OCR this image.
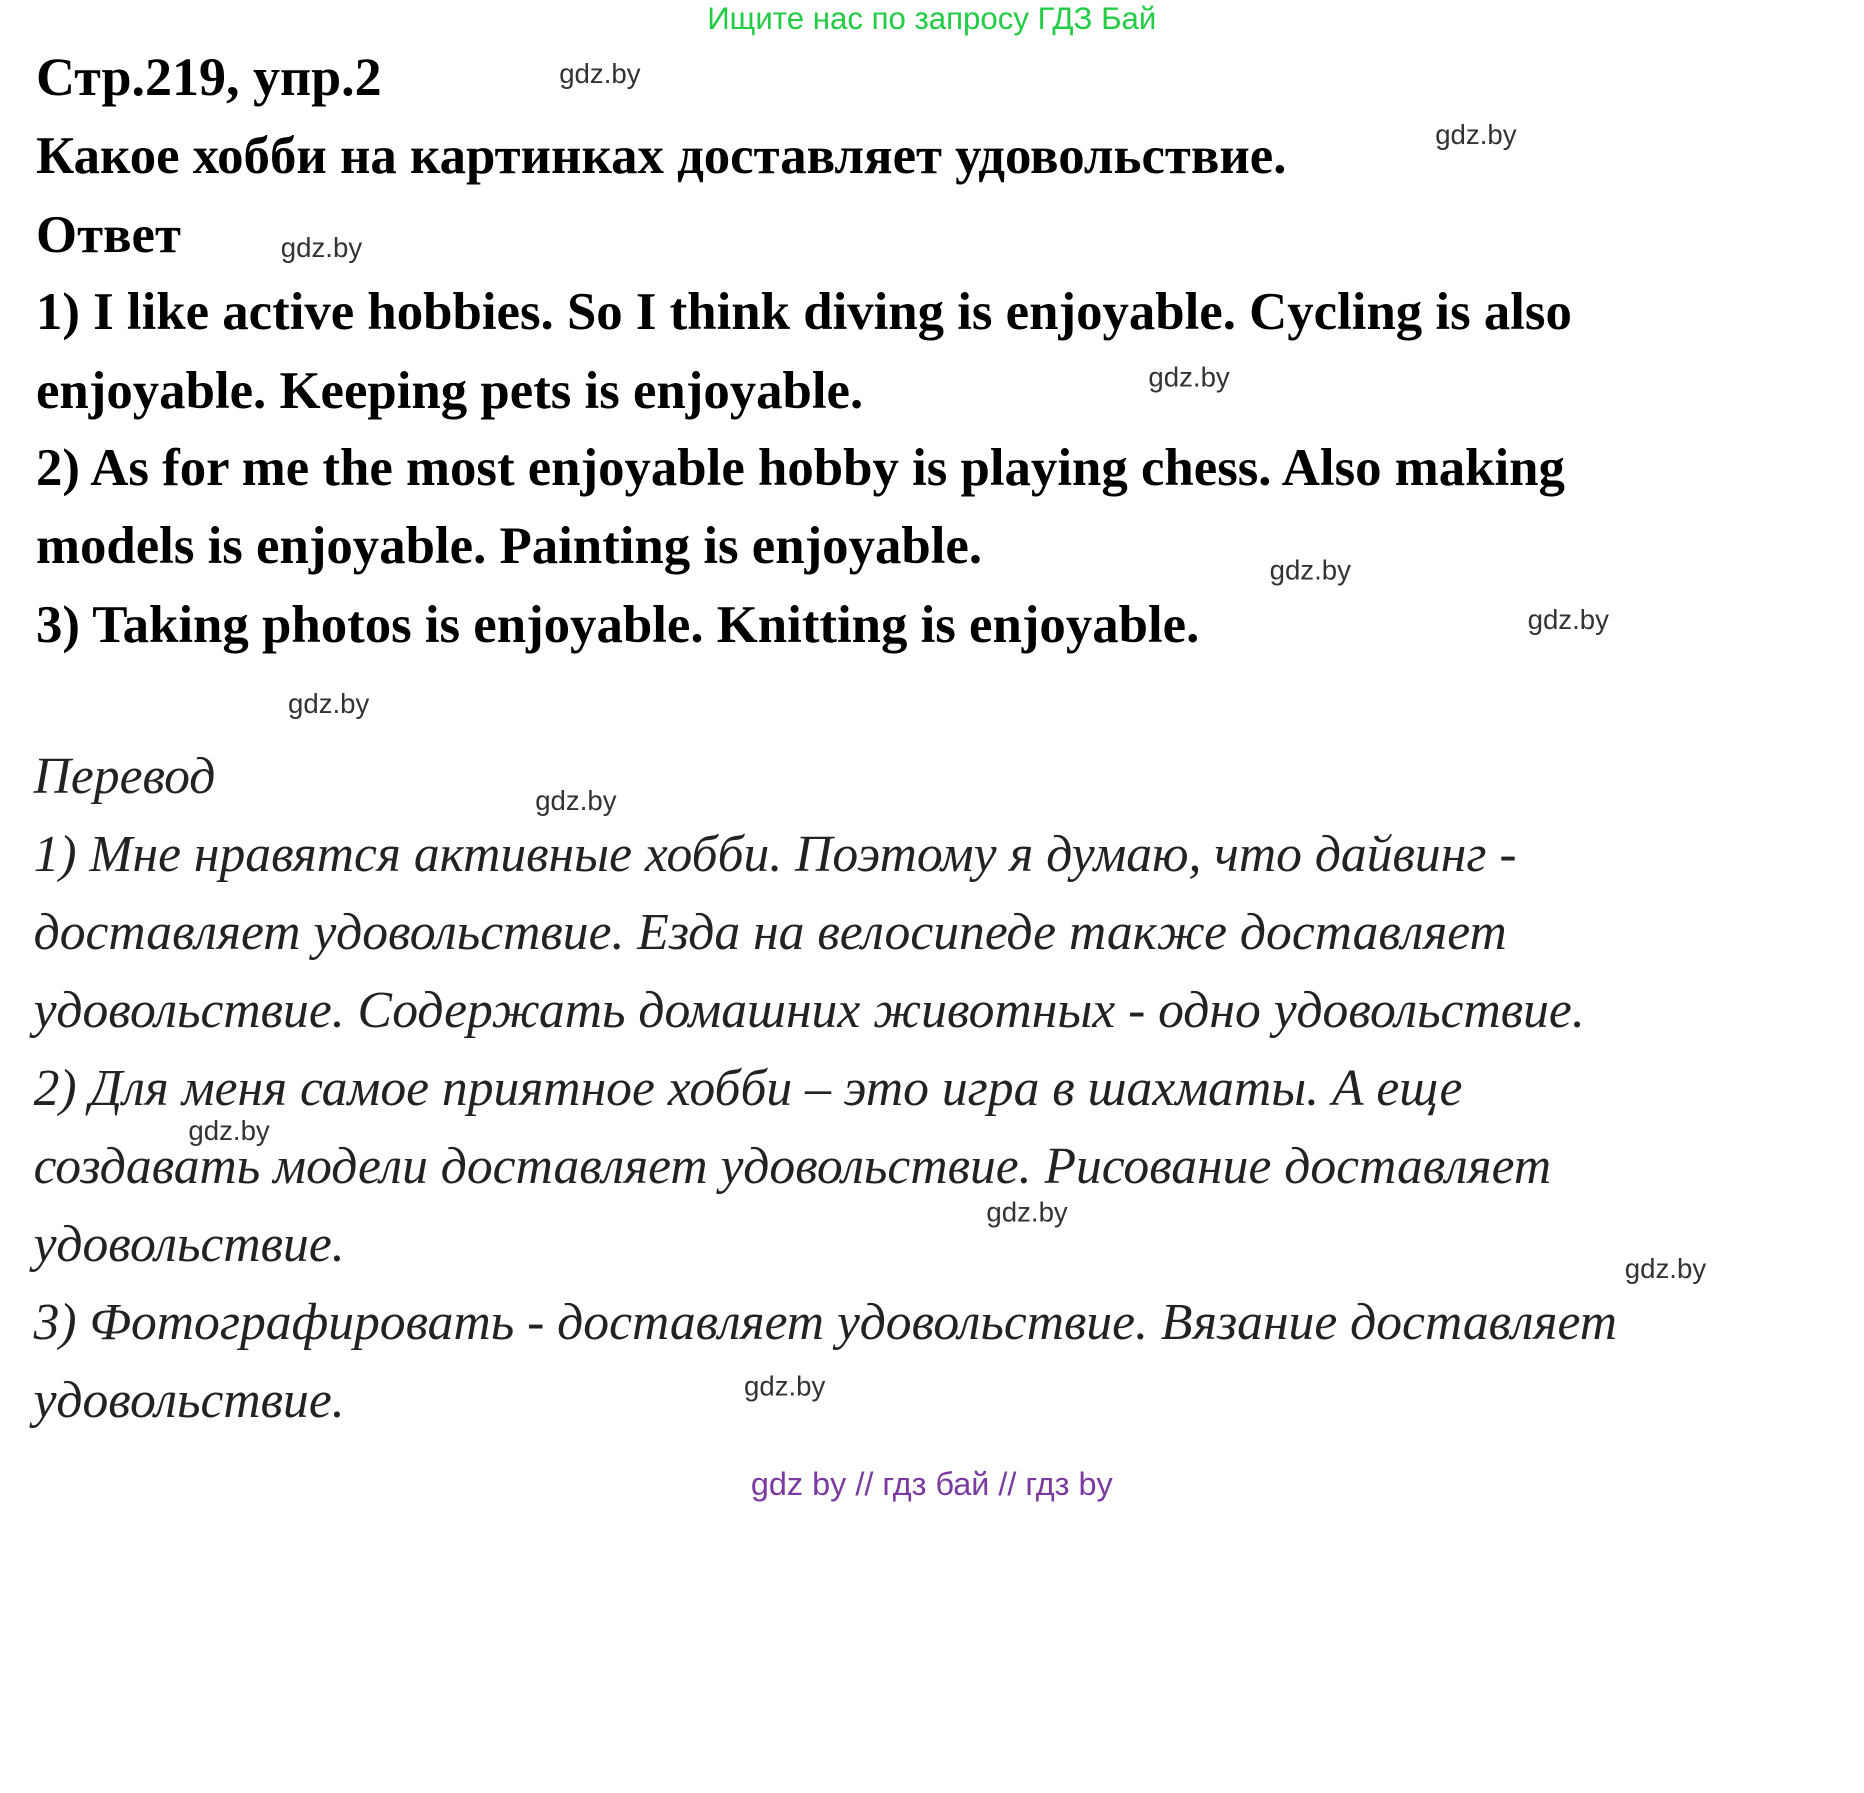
Ищите нас по запросу ГДЗ Бай
Стр.219, упр.2
Какое хобби на картинках доставляет удовольствие.
Ответ
1) I like active hobbies. So I think diving is enjoyable. Cycling is also
enjoyable. Keeping pets is enjoyable.
2) As for me the most enjoyable hobby is playing chess. Also making
models is enjoyable. Painting is enjoyable.
3) Taking photos is enjoyable. Knitting is enjoyable.
Перевод
1) Мне нравятся активные хобби. Поэтому я думаю, что дайвинг -
доставляет удовольствие. Езда на велосипеде также доставляет
удовольствие. Содержать домашних животных - одно удовольствие.
2) Для меня самое приятное хобби – это игра в шахматы. А еще
создавать модели доставляет удовольствие. Рисование доставляет
удовольствие.
3) Фотографировать - доставляет удовольствие. Вязание доставляет
удовольствие.
gdz.by
gdz.by
gdz.by
gdz.by
gdz.by
gdz.by
gdz.by
gdz.by
gdz.by
gdz.by
gdz.by
gdz.by
gdz by // гдз бай // гдз by
